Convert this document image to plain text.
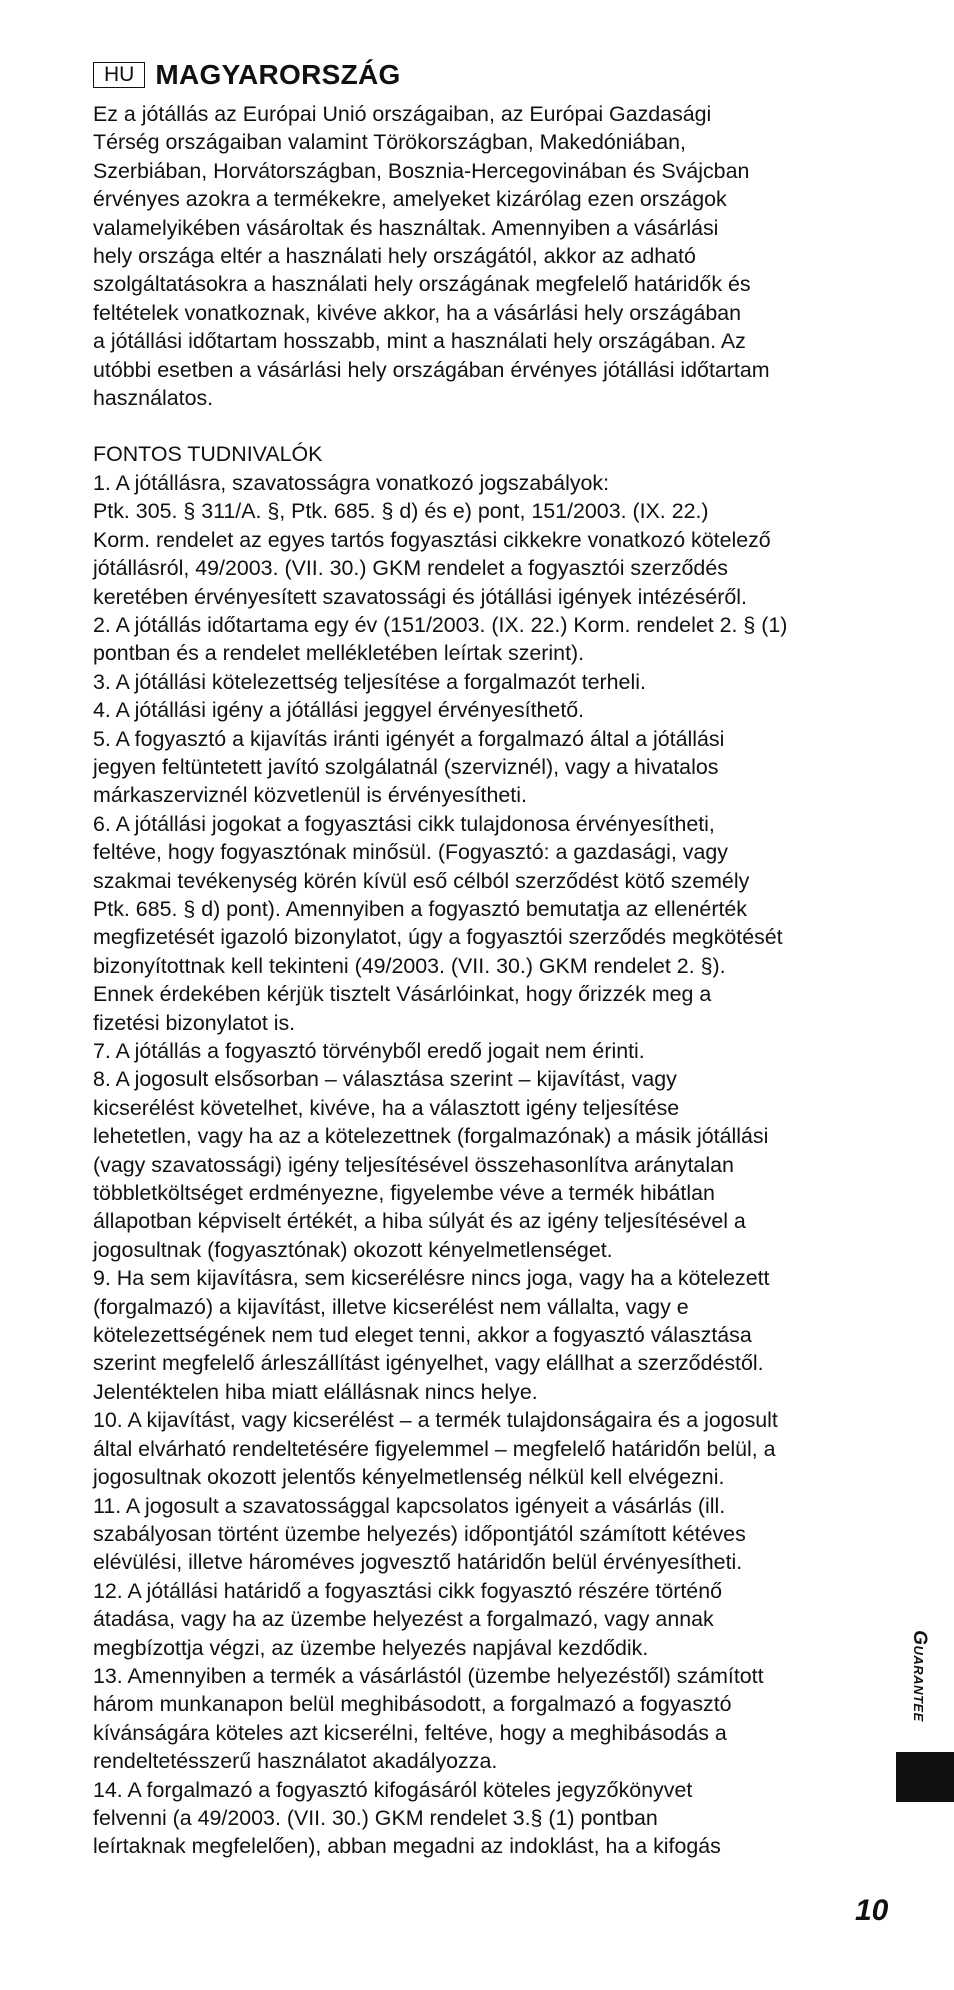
HU MAGYARORSZÁG
Ez a jótállás az Európai Unió országaiban, az Európai Gazdasági
Térség országaiban valamint Törökországban, Makedóniában,
Szerbiában, Horvátországban, Bosznia-Hercegovinában és Svájcban
érvényes azokra a termékekre, amelyeket kizárólag ezen országok
valamelyikében vásároltak és használtak. Amennyiben a vásárlási
hely országa eltér a használati hely országától, akkor az adható
szolgáltatásokra a használati hely országának megfelelő határidők és
feltételek vonatkoznak, kivéve akkor, ha a vásárlási hely országában
a jótállási időtartam hosszabb, mint a használati hely országában. Az
utóbbi esetben a vásárlási hely országában érvényes jótállási időtartam
használatos.
FONTOS TUDNIVALÓK
1. A jótállásra, szavatosságra vonatkozó jogszabályok:
Ptk. 305. § 311/A. §, Ptk. 685. § d) és e) pont, 151/2003. (IX. 22.)
Korm. rendelet az egyes tartós fogyasztási cikkekre vonatkozó kötelező
jótállásról, 49/2003. (VII. 30.) GKM rendelet a fogyasztói szerződés
keretében érvényesített szavatossági és jótállási igények intézéséről.
2. A jótállás időtartama egy év (151/2003. (IX. 22.) Korm. rendelet 2. § (1)
pontban és a rendelet mellékletében leírtak szerint).
3. A jótállási kötelezettség teljesítése a forgalmazót terheli.
4. A jótállási igény a jótállási jeggyel érvényesíthető.
5. A fogyasztó a kijavítás iránti igényét a forgalmazó által a jótállási
jegyen feltüntetett javító szolgálatnál (szerviznél), vagy a hivatalos
márkaszerviznél közvetlenül is érvényesítheti.
6. A jótállási jogokat a fogyasztási cikk tulajdonosa érvényesítheti,
feltéve, hogy fogyasztónak minősül. (Fogyasztó: a gazdasági, vagy
szakmai tevékenység körén kívül eső célból szerződést kötő személy
Ptk. 685. § d) pont). Amennyiben a fogyasztó bemutatja az ellenérték
megfizetését igazoló bizonylatot, úgy a fogyasztói szerződés megkötését
bizonyítottnak kell tekinteni (49/2003. (VII. 30.) GKM rendelet 2. §).
Ennek érdekében kérjük tisztelt Vásárlóinkat, hogy őrizzék meg a
fizetési bizonylatot is.
7. A jótállás a fogyasztó törvényből eredő jogait nem érinti.
8. A jogosult elsősorban – választása szerint – kijavítást, vagy
kicserélést követelhet, kivéve, ha a választott igény teljesítése
lehetetlen, vagy ha az a kötelezettnek (forgalmazónak) a másik jótállási
(vagy szavatossági) igény teljesítésével összehasonlítva aránytalan
többletköltséget erdményezne, figyelembe véve a termék hibátlan
állapotban képviselt értékét, a hiba súlyát és az igény teljesítésével a
jogosultnak (fogyasztónak) okozott kényelmetlenséget.
9. Ha sem kijavításra, sem kicserélésre nincs joga, vagy ha a kötelezett
(forgalmazó) a kijavítást, illetve kicserélést nem vállalta, vagy e
kötelezettségének nem tud eleget tenni, akkor a fogyasztó választása
szerint megfelelő árleszállítást igényelhet, vagy elállhat a szerződéstől.
Jelentéktelen hiba miatt elállásnak nincs helye.
10. A kijavítást, vagy kicserélést – a termék tulajdonságaira és a jogosult
által elvárható rendeltetésére figyelemmel – megfelelő határidőn belül, a
jogosultnak okozott jelentős kényelmetlenség nélkül kell elvégezni.
11. A jogosult a szavatossággal kapcsolatos igényeit a vásárlás (ill.
szabályosan történt üzembe helyezés) időpontjától számított kétéves
elévülési, illetve hároméves jogvesztő határidőn belül érvényesítheti.
12. A jótállási határidő a fogyasztási cikk fogyasztó részére történő
átadása, vagy ha az üzembe helyezést a forgalmazó, vagy annak
megbízottja végzi, az üzembe helyezés napjával kezdődik.
13. Amennyiben a termék a vásárlástól (üzembe helyezéstől) számított
három munkanapon belül meghibásodott, a forgalmazó a fogyasztó
kívánságára köteles azt kicserélni, feltéve, hogy a meghibásodás a
rendeltetésszerű használatot akadályozza.
14. A forgalmazó a fogyasztó kifogásáról köteles jegyzőkönyvet
felvenni (a 49/2003. (VII. 30.) GKM rendelet 3.§ (1) pontban
leírtaknak megfelelően), abban megadni az indoklást, ha a kifogás
Guarantee
10
